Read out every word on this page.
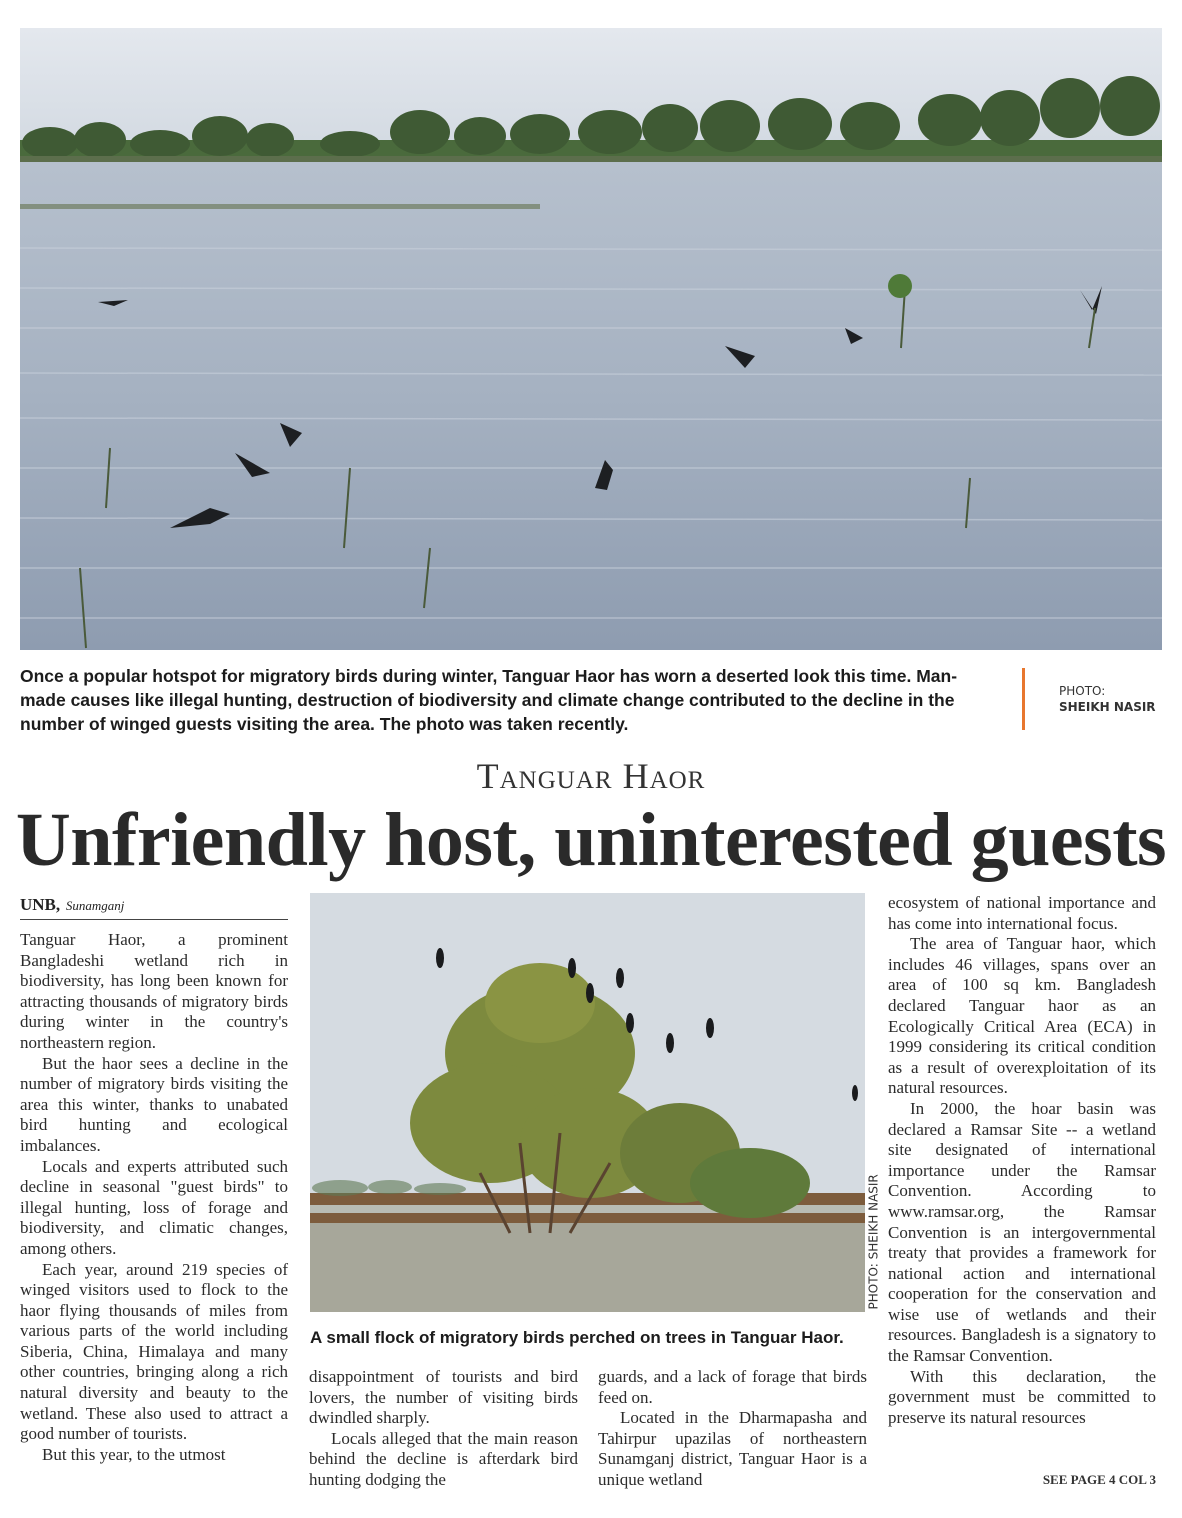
Once a popular hotspot for migratory birds during winter, Tanguar Haor has worn a deserted look this time. Man-made causes like illegal hunting, destruction of biodiversity and climate change contributed to the decline in the number of winged guests visiting the area. The photo was taken recently.
PHOTO:
SHEIKH NASIR
Tanguar Haor
Unfriendly host, uninterested guests
UNB, Sunamganj

Tanguar Haor, a prominent Bangladeshi wetland rich in biodiversity, has long been known for attracting thousands of migratory birds during winter in the country's northeastern region.

But the haor sees a decline in the number of migratory birds visiting the area this winter, thanks to unabated bird hunting and ecological imbalances.

Locals and experts attributed such decline in seasonal "guest birds" to illegal hunting, loss of forage and biodiversity, and climatic changes, among others.

Each year, around 219 species of winged visitors used to flock to the haor flying thousands of miles from various parts of the world including Siberia, China, Himalaya and many other countries, bringing along a rich natural diversity and beauty to the wetland. These also used to attract a good number of tourists.

But this year, to the utmost

PHOTO: SHEIKH NASIR
A small flock of migratory birds perched on trees in Tanguar Haor.

disappointment of tourists and bird lovers, the number of visiting birds dwindled sharply.

Locals alleged that the main reason behind the decline is afterdark bird hunting dodging the

guards, and a lack of forage that birds feed on.

Located in the Dharmapasha and Tahirpur upazilas of northeastern Sunamganj district, Tanguar Haor is a unique wetland

ecosystem of national importance and has come into international focus.

The area of Tanguar haor, which includes 46 villages, spans over an area of 100 sq km. Bangladesh declared Tanguar haor as an Ecologically Critical Area (ECA) in 1999 considering its critical condition as a result of overexploitation of its natural resources.

In 2000, the hoar basin was declared a Ramsar Site -- a wetland site designated of international importance under the Ramsar Convention. According to www.ramsar.org, the Ramsar Convention is an intergovernmental treaty that provides a framework for national action and international cooperation for the conservation and wise use of wetlands and their resources. Bangladesh is a signatory to the Ramsar Convention.

With this declaration, the government must be committed to preserve its natural resources

SEE PAGE 4 COL 3
